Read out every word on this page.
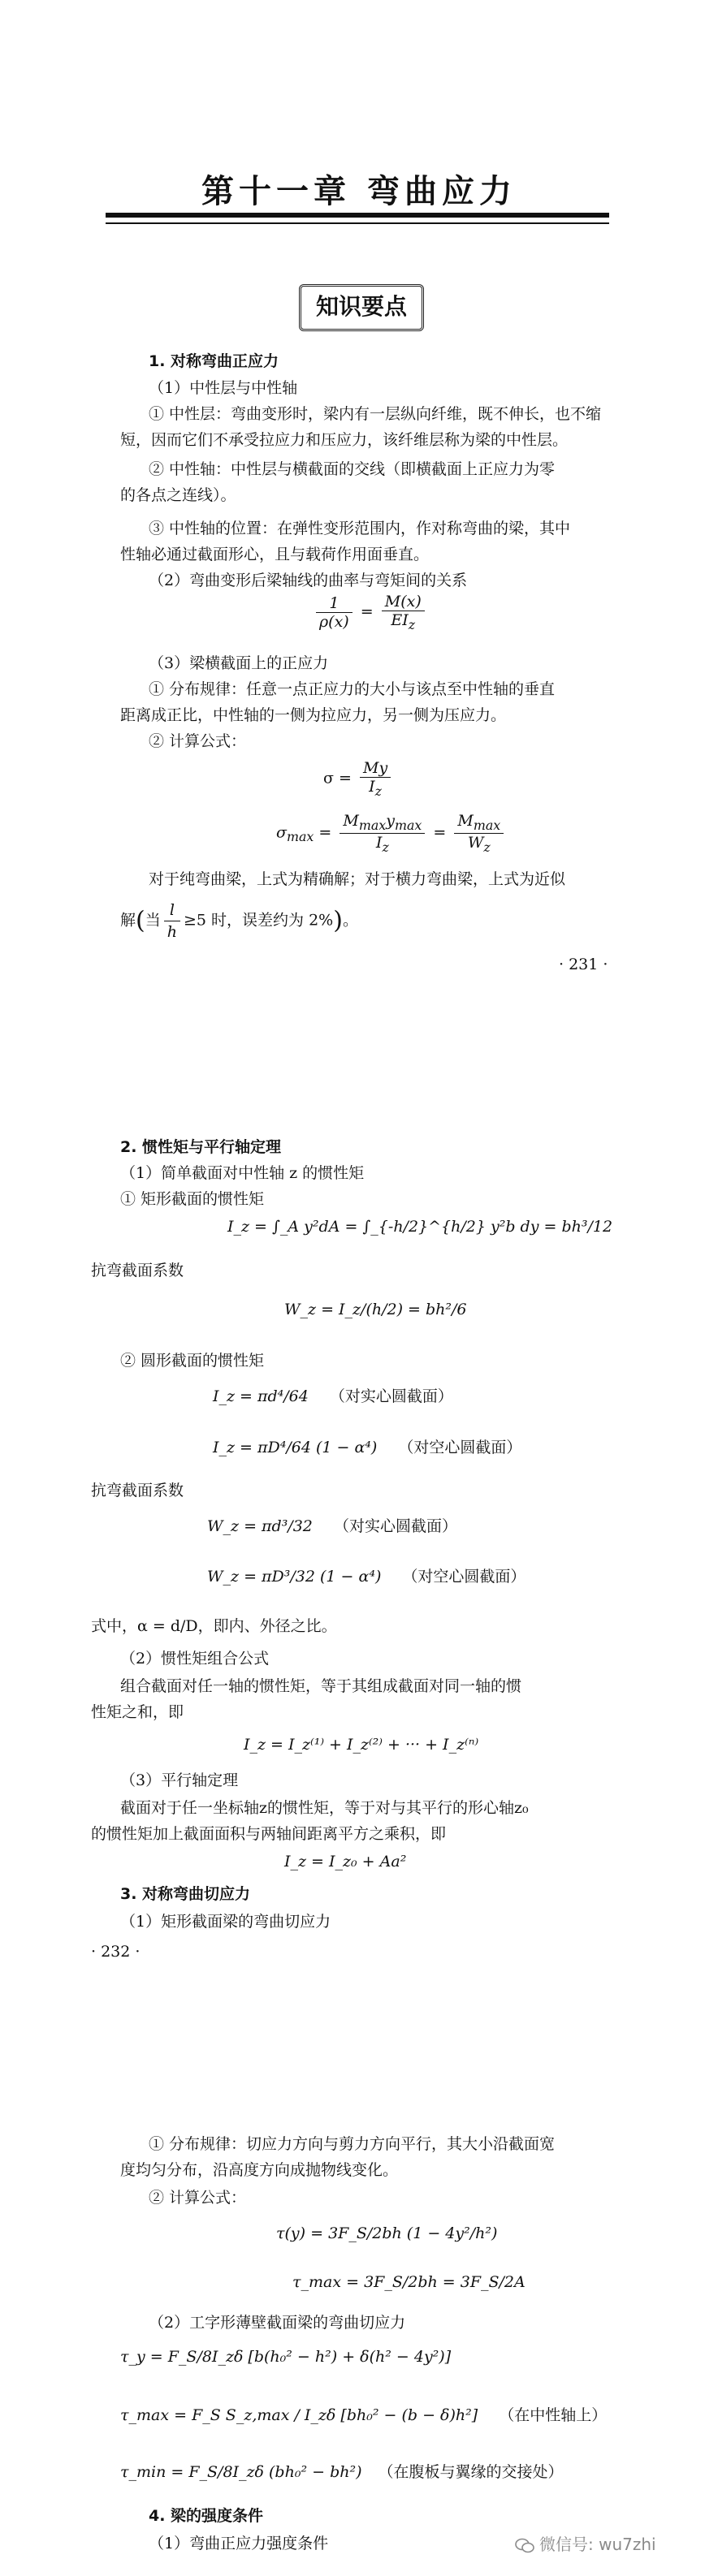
第十一章 弯曲应力
知识要点
1. 对称弯曲正应力
（1）中性层与中性轴
① 中性层：弯曲变形时，梁内有一层纵向纤维，既不伸长，也不缩
短，因而它们不承受拉应力和压应力，该纤维层称为梁的中性层。
② 中性轴：中性层与横截面的交线（即横截面上正应力为零
的各点之连线）。
③ 中性轴的位置：在弹性变形范围内，作对称弯曲的梁，其中
性轴必通过截面形心，且与载荷作用面垂直。
（2）弯曲变形后梁轴线的曲率与弯矩间的关系
$\frac{1}{\rho(x)} = \frac{M(x)}{EI_z}$
（3）梁横截面上的正应力
① 分布规律：任意一点正应力的大小与该点至中性轴的垂直
距离成正比，中性轴的一侧为拉应力，另一侧为压应力。
② 计算公式：
$\sigma = \frac{My}{I_z}$
$\sigma_{max} = \frac{M_{max}y_{max}}{I_z} = \frac{M_{max}}{W_z}$
对于纯弯曲梁，上式为精确解；对于横力弯曲梁，上式为近似
解(当 $\frac{l}{h} \ge 5$ 时，误差约为 2%)。
· 231 ·
2. 惯性矩与平行轴定理
（1）简单截面对中性轴 z 的惯性矩
① 矩形截面的惯性矩
I_z = ∫_A y²dA = ∫_{-h/2}^{h/2} y²b dy = bh³/12
抗弯截面系数
W_z = I_z/(h/2) = bh²/6
② 圆形截面的惯性矩
I_z = πd⁴/64 （对实心圆截面）
I_z = πD⁴/64 (1 − α⁴) （对空心圆截面）
抗弯截面系数
W_z = πd³/32 （对实心圆截面）
W_z = πD³/32 (1 − α⁴) （对空心圆截面）
式中，α = d/D，即内、外径之比。
（2）惯性矩组合公式
组合截面对任一轴的惯性矩，等于其组成截面对同一轴的惯
性矩之和，即
I_z = I_z⁽¹⁾ + I_z⁽²⁾ + ··· + I_z⁽ⁿ⁾
（3）平行轴定理
截面对于任一坐标轴z的惯性矩，等于对与其平行的形心轴z₀
的惯性矩加上截面面积与两轴间距离平方之乘积，即
I_z = I_z₀ + Aa²
3. 对称弯曲切应力
（1）矩形截面梁的弯曲切应力
· 232 ·
① 分布规律：切应力方向与剪力方向平行，其大小沿截面宽
度均匀分布，沿高度方向成抛物线变化。
② 计算公式：
τ(y) = 3F_S/2bh (1 − 4y²/h²)
τ_max = 3F_S/2bh = 3F_S/2A
（2）工字形薄壁截面梁的弯曲切应力
τ_y = F_S/8I_zδ [b(h₀² − h²) + δ(h² − 4y²)]
τ_max = F_S S_z,max / I_zδ [bh₀² − (b − δ)h²] （在中性轴上）
τ_min = F_S/8I_zδ (bh₀² − bh²) （在腹板与翼缘的交接处）
4. 梁的强度条件
（1）弯曲正应力强度条件	微信号: wu7zhi
